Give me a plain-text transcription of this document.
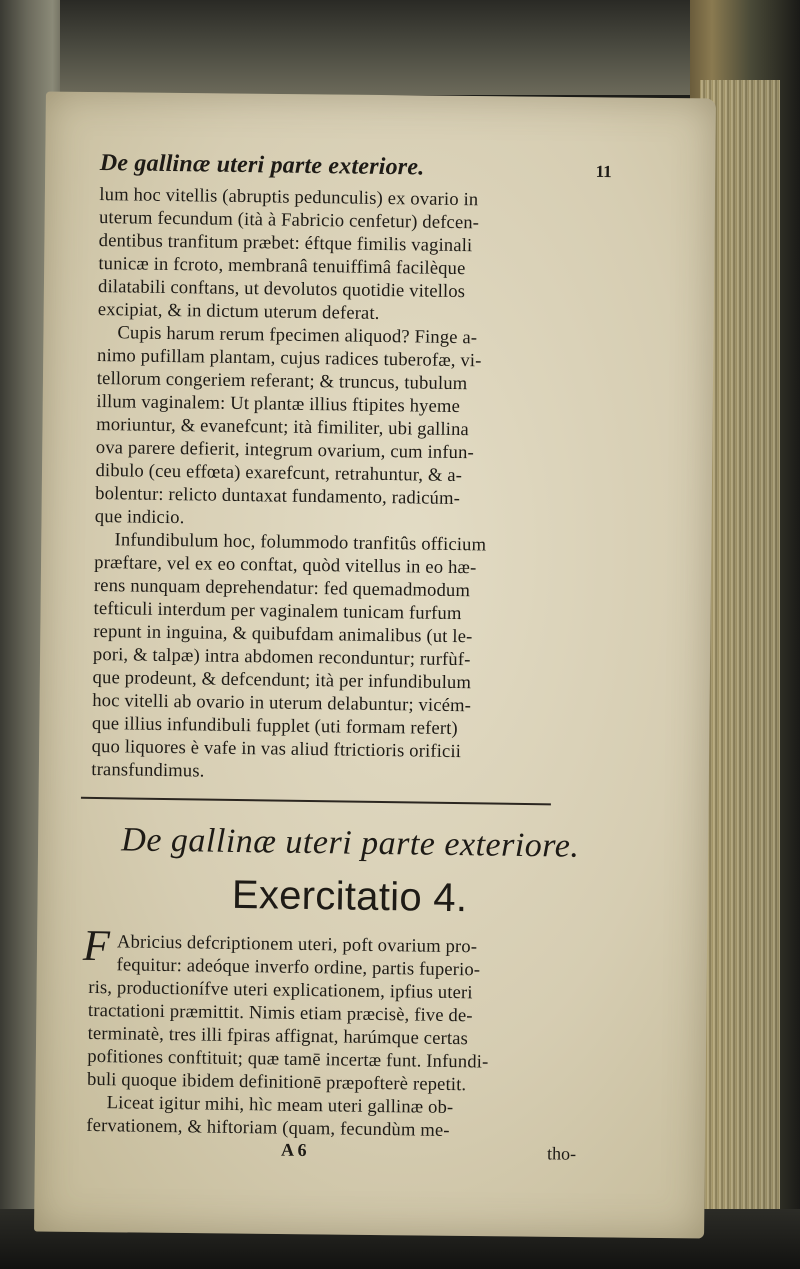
De gallinæ uteri parte exteriore.	11

lum hoc vitellis (abruptis pedunculis) ex ovario in
uterum fecundum (ità à Fabricio cenfetur) defcen-
dentibus tranfitum præbet: éftque fimilis vaginali
tunicæ in fcroto, membranâ tenuiffimâ facilèque
dilatabili conftans, ut devolutos quotidie vitellos
excipiat, & in dictum uterum deferat.

Cupis harum rerum fpecimen aliquod? Finge a-
nimo pufillam plantam, cujus radices tuberofæ, vi-
tellorum congeriem referant; & truncus, tubulum
illum vaginalem: Ut plantæ illius ftipites hyeme
moriuntur, & evanefcunt; ità fimiliter, ubi gallina
ova parere defierit, integrum ovarium, cum infun-
dibulo (ceu effœta) exarefcunt, retrahuntur, & a-
bolentur: relicto duntaxat fundamento, radicúm-
que indicio.

Infundibulum hoc, folummodo tranfitûs officium
præftare, vel ex eo conftat, quòd vitellus in eo hæ-
rens nunquam deprehendatur: fed quemadmodum
tefticuli interdum per vaginalem tunicam furfum
repunt in inguina, & quibufdam animalibus (ut le-
pori, & talpæ) intra abdomen reconduntur; rurfùf-
que prodeunt, & defcendunt; ità per infundibulum
hoc vitelli ab ovario in uterum delabuntur; vicém-
que illius infundibuli fupplet (uti formam refert)
quo liquores è vafe in vas aliud ftrictioris orificii
transfundimus.

De gallinæ uteri parte exteriore.
Exercitatio 4.
F Abricius defcriptionem uteri, poft ovarium pro-
fequitur: adeóque inverfo ordine, partis fuperio-
ris, productionífve uteri explicationem, ipfius uteri
tractationi præmittit. Nimis etiam præcisè, five de-
terminatè, tres illi fpiras affignat, harúmque certas
pofitiones conftituit; quæ tamē incertæ funt. Infundi-
buli quoque ibidem definitionē præpofterè repetit.

Liceat igitur mihi, hìc meam uteri gallinæ ob-
fervationem, & hiftoriam (quam, fecundùm me-

A 6	tho-
